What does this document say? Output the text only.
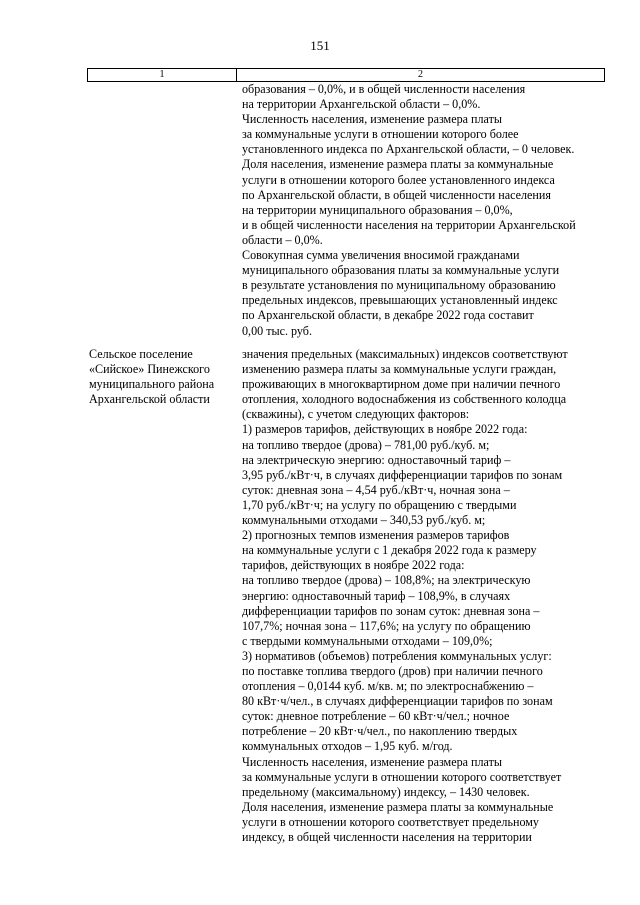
151
1	2
образования – 0,0%, и в общей численности населения
на территории Архангельской области – 0,0%.
Численность населения, изменение размера платы
за коммунальные услуги в отношении которого более
установленного индекса по Архангельской области, – 0 человек.
Доля населения, изменение размера платы за коммунальные
услуги в отношении которого более установленного индекса
по Архангельской области, в общей численности населения
на территории муниципального образования – 0,0%,
и в общей численности населения на территории Архангельской
области – 0,0%.
Совокупная сумма увеличения вносимой гражданами
муниципального образования платы за коммунальные услуги
в результате установления по муниципальному образованию
предельных индексов, превышающих установленный индекс
по Архангельской области, в декабре 2022 года составит
0,00 тыс. руб.
Сельское поселение
«Сийское» Пинежского
муниципального района
Архангельской области
значения предельных (максимальных) индексов соответствуют
изменению размера платы за коммунальные услуги граждан,
проживающих в многоквартирном доме при наличии печного
отопления, холодного водоснабжения из собственного колодца
(скважины), с учетом следующих факторов:
1) размеров тарифов, действующих в ноябре 2022 года:
на топливо твердое (дрова) – 781,00 руб./куб. м;
на электрическую энергию: одноставочный тариф –
3,95 руб./кВт·ч, в случаях дифференциации тарифов по зонам
суток: дневная зона – 4,54 руб./кВт·ч, ночная зона –
1,70 руб./кВт·ч; на услугу по обращению с твердыми
коммунальными отходами – 340,53 руб./куб. м;
2) прогнозных темпов изменения размеров тарифов
на коммунальные услуги с 1 декабря 2022 года к размеру
тарифов, действующих в ноябре 2022 года:
на топливо твердое (дрова) – 108,8%; на электрическую
энергию: одноставочный тариф – 108,9%, в случаях
дифференциации тарифов по зонам суток: дневная зона –
107,7%; ночная зона – 117,6%; на услугу по обращению
с твердыми коммунальными отходами – 109,0%;
3) нормативов (объемов) потребления коммунальных услуг:
по поставке топлива твердого (дров) при наличии печного
отопления – 0,0144 куб. м/кв. м; по электроснабжению –
80 кВт·ч/чел., в случаях дифференциации тарифов по зонам
суток: дневное потребление – 60 кВт·ч/чел.; ночное
потребление – 20 кВт·ч/чел., по накоплению твердых
коммунальных отходов – 1,95 куб. м/год.
Численность населения, изменение размера платы
за коммунальные услуги в отношении которого соответствует
предельному (максимальному) индексу, – 1430 человек.
Доля населения, изменение размера платы за коммунальные
услуги в отношении которого соответствует предельному
индексу, в общей численности населения на территории
